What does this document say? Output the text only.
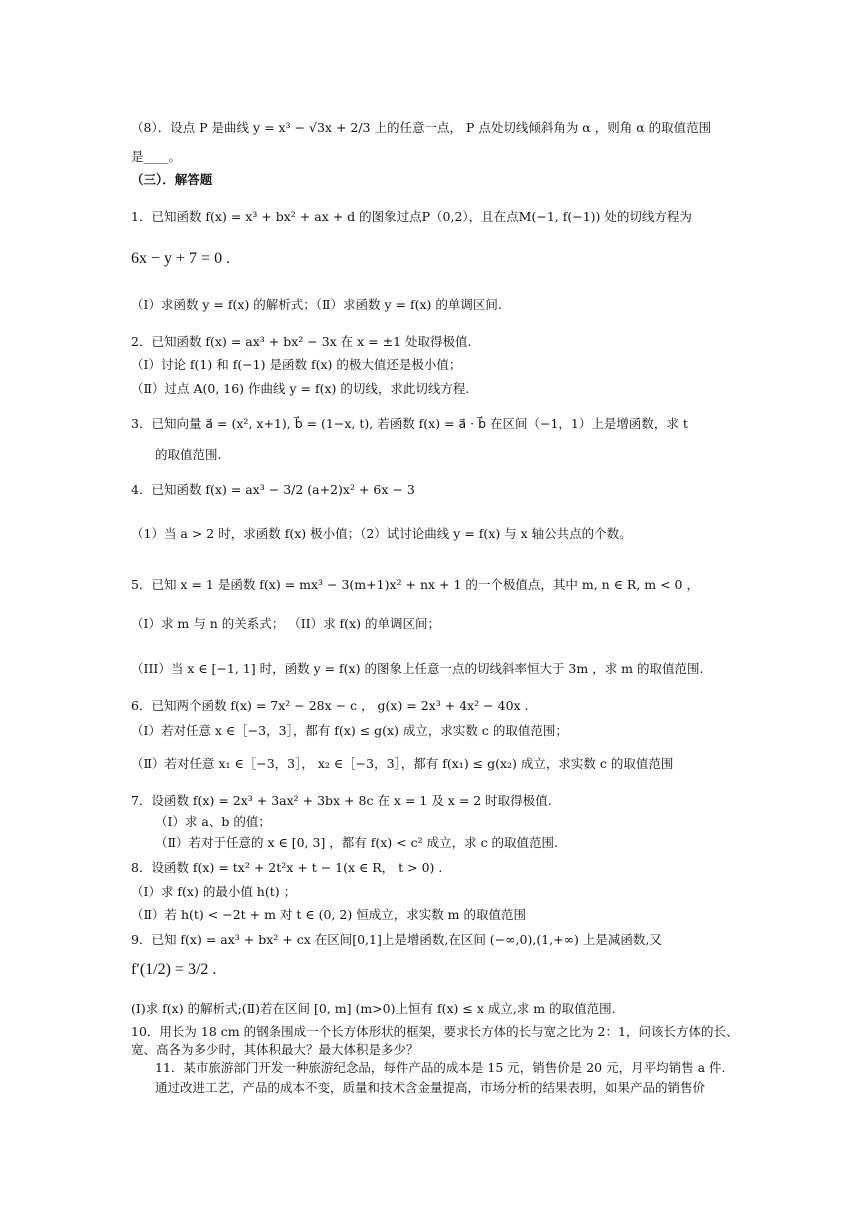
（8）．设点 P 是曲线 y = x³ − √3x + 2/3 上的任意一点， P 点处切线倾斜角为 α ，则角 α 的取值范围
是____。
（三）．解答题
1．已知函数 f(x) = x³ + bx² + ax + d 的图象过点P（0,2），且在点M(−1, f(−1)) 处的切线方程为
6x − y + 7 = 0 .
（Ⅰ）求函数 y = f(x) 的解析式；（Ⅱ）求函数 y = f(x) 的单调区间.
2．已知函数 f(x) = ax³ + bx² − 3x 在 x = ±1 处取得极值.
（Ⅰ）讨论 f(1) 和 f(−1) 是函数 f(x) 的极大值还是极小值；
（Ⅱ）过点 A(0, 16) 作曲线 y = f(x) 的切线，求此切线方程.
3．已知向量 a⃗ = (x², x+1), b⃗ = (1−x, t), 若函数 f(x) = a⃗ · b⃗ 在区间（−1，1）上是增函数，求 t
的取值范围.
4．已知函数 f(x) = ax³ − 3/2 (a+2)x² + 6x − 3
（1）当 a > 2 时，求函数 f(x) 极小值；（2）试讨论曲线 y = f(x) 与 x 轴公共点的个数。
5．已知 x = 1 是函数 f(x) = mx³ − 3(m+1)x² + nx + 1 的一个极值点，其中 m, n ∈ R, m < 0 ，
（I）求 m 与 n 的关系式； （II）求 f(x) 的单调区间；
（III）当 x ∈ [−1, 1] 时，函数 y = f(x) 的图象上任意一点的切线斜率恒大于 3m ，求 m 的取值范围.
6．已知两个函数 f(x) = 7x² − 28x − c ， g(x) = 2x³ + 4x² − 40x .
（Ⅰ）若对任意 x ∈［−3，3］，都有 f(x) ≤ g(x) 成立，求实数 c 的取值范围；
（Ⅱ）若对任意 x₁ ∈［−3，3］， x₂ ∈［−3，3］，都有 f(x₁) ≤ g(x₂) 成立，求实数 c 的取值范围
7．设函数 f(x) = 2x³ + 3ax² + 3bx + 8c 在 x = 1 及 x = 2 时取得极值.
（Ⅰ）求 a、b 的值；
（Ⅱ）若对于任意的 x ∈ [0, 3] ，都有 f(x) < c² 成立，求 c 的取值范围.
8．设函数 f(x) = tx² + 2t²x + t − 1(x ∈ R， t > 0) .
（Ⅰ）求 f(x) 的最小值 h(t) ；
（Ⅱ）若 h(t) < −2t + m 对 t ∈ (0, 2) 恒成立，求实数 m 的取值范围
9．已知 f(x) = ax³ + bx² + cx 在区间[0,1]上是增函数,在区间 (−∞,0),(1,+∞) 上是减函数,又
f′(1/2) = 3/2 .
(Ⅰ)求 f(x) 的解析式;(Ⅱ)若在区间 [0, m] (m>0)上恒有 f(x) ≤ x 成立,求 m 的取值范围.
10．用长为 18 cm 的钢条围成一个长方体形状的框架，要求长方体的长与宽之比为 2：1，问该长方体的长、
宽、高各为多少时，其体积最大？最大体积是多少？
11．某市旅游部门开发一种旅游纪念品，每件产品的成本是 15 元，销售价是 20 元，月平均销售 a 件.
通过改进工艺，产品的成本不变，质量和技术含金量提高，市场分析的结果表明，如果产品的销售价
